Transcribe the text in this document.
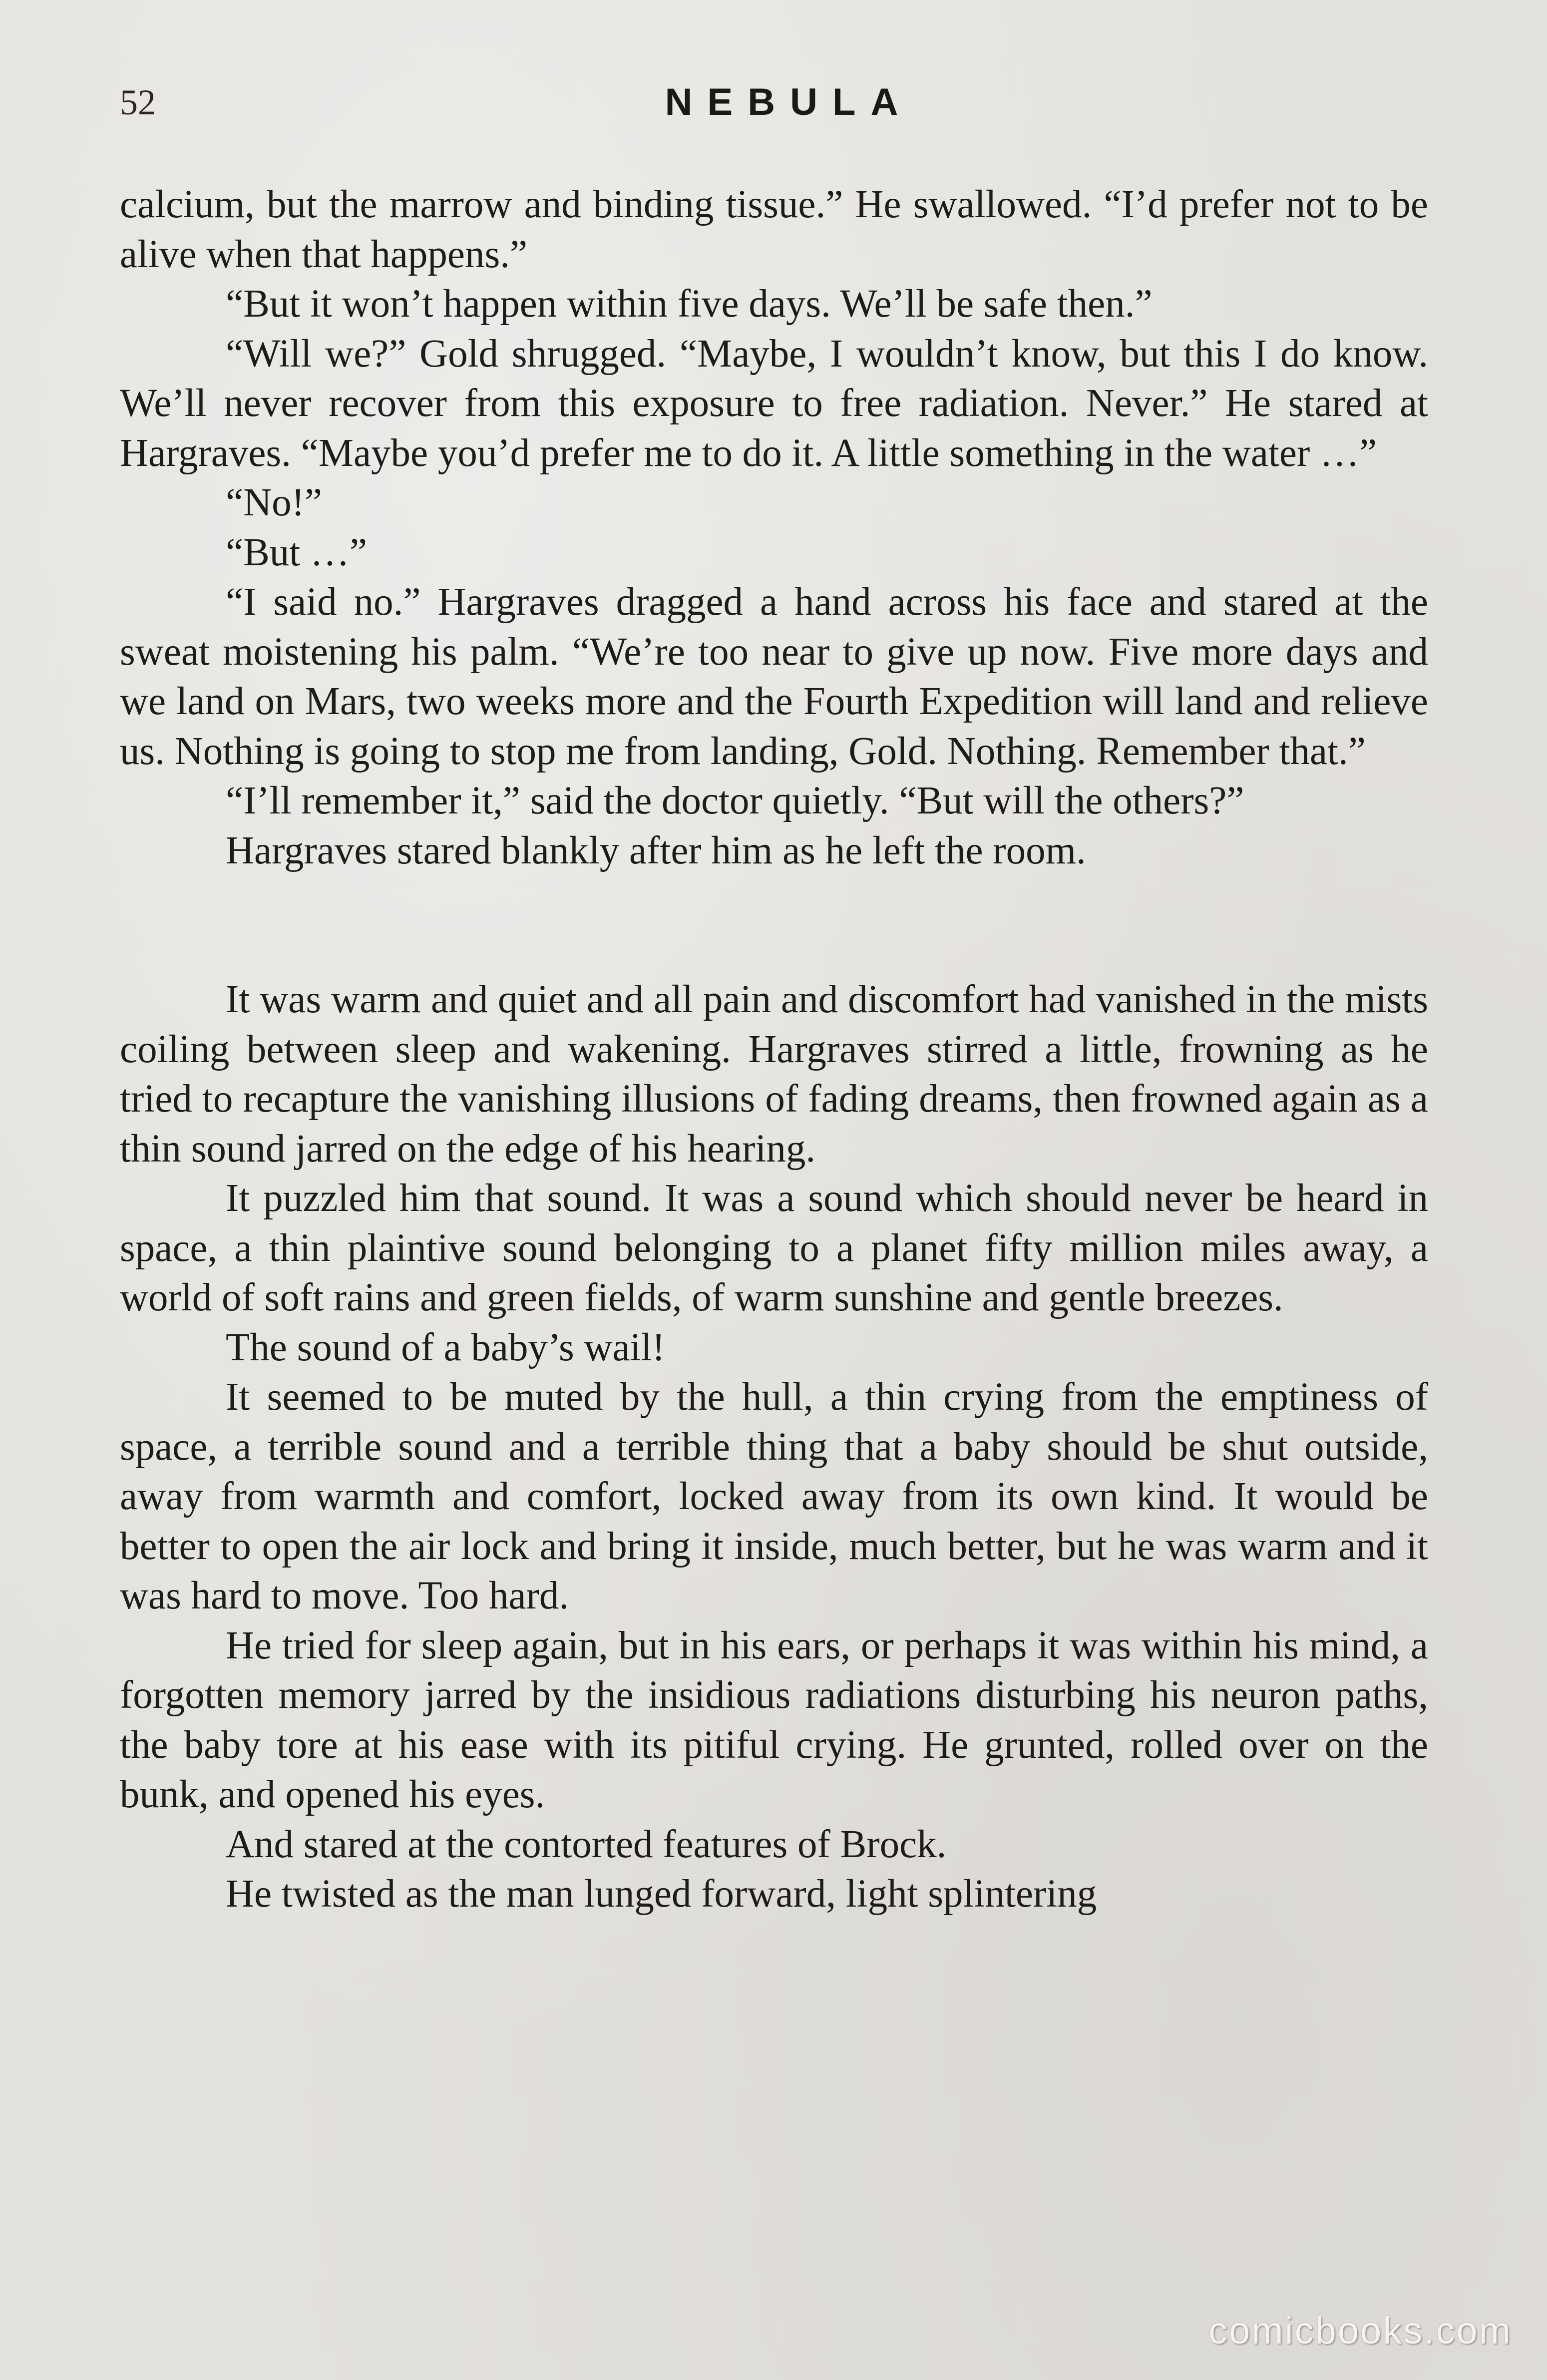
52	NEBULA

calcium, but the marrow and binding tissue.” He swallowed. “I’d prefer not to be alive when that happens.”

“But it won’t happen within five days. We’ll be safe then.”

“Will we?” Gold shrugged. “Maybe, I wouldn’t know, but this I do know. We’ll never recover from this exposure to free radiation. Never.” He stared at Hargraves. “Maybe you’d prefer me to do it. A little something in the water …”

“No!”

“But …”

“I said no.” Hargraves dragged a hand across his face and stared at the sweat moistening his palm. “We’re too near to give up now. Five more days and we land on Mars, two weeks more and the Fourth Expedition will land and relieve us. Nothing is going to stop me from landing, Gold. Nothing. Remember that.”

“I’ll remember it,” said the doctor quietly. “But will the others?”

Hargraves stared blankly after him as he left the room.

It was warm and quiet and all pain and discomfort had vanished in the mists coiling between sleep and wakening. Hargraves stirred a little, frowning as he tried to recapture the vanishing illusions of fading dreams, then frowned again as a thin sound jarred on the edge of his hearing.

It puzzled him that sound. It was a sound which should never be heard in space, a thin plaintive sound belonging to a planet fifty million miles away, a world of soft rains and green fields, of warm sunshine and gentle breezes.

The sound of a baby’s wail!

It seemed to be muted by the hull, a thin crying from the emptiness of space, a terrible sound and a terrible thing that a baby should be shut outside, away from warmth and comfort, locked away from its own kind. It would be better to open the air lock and bring it inside, much better, but he was warm and it was hard to move. Too hard.

He tried for sleep again, but in his ears, or perhaps it was within his mind, a forgotten memory jarred by the insidious radiations disturbing his neuron paths, the baby tore at his ease with its pitiful crying. He grunted, rolled over on the bunk, and opened his eyes.

And stared at the contorted features of Brock.

He twisted as the man lunged forward, light splintering

comicbooks.com
